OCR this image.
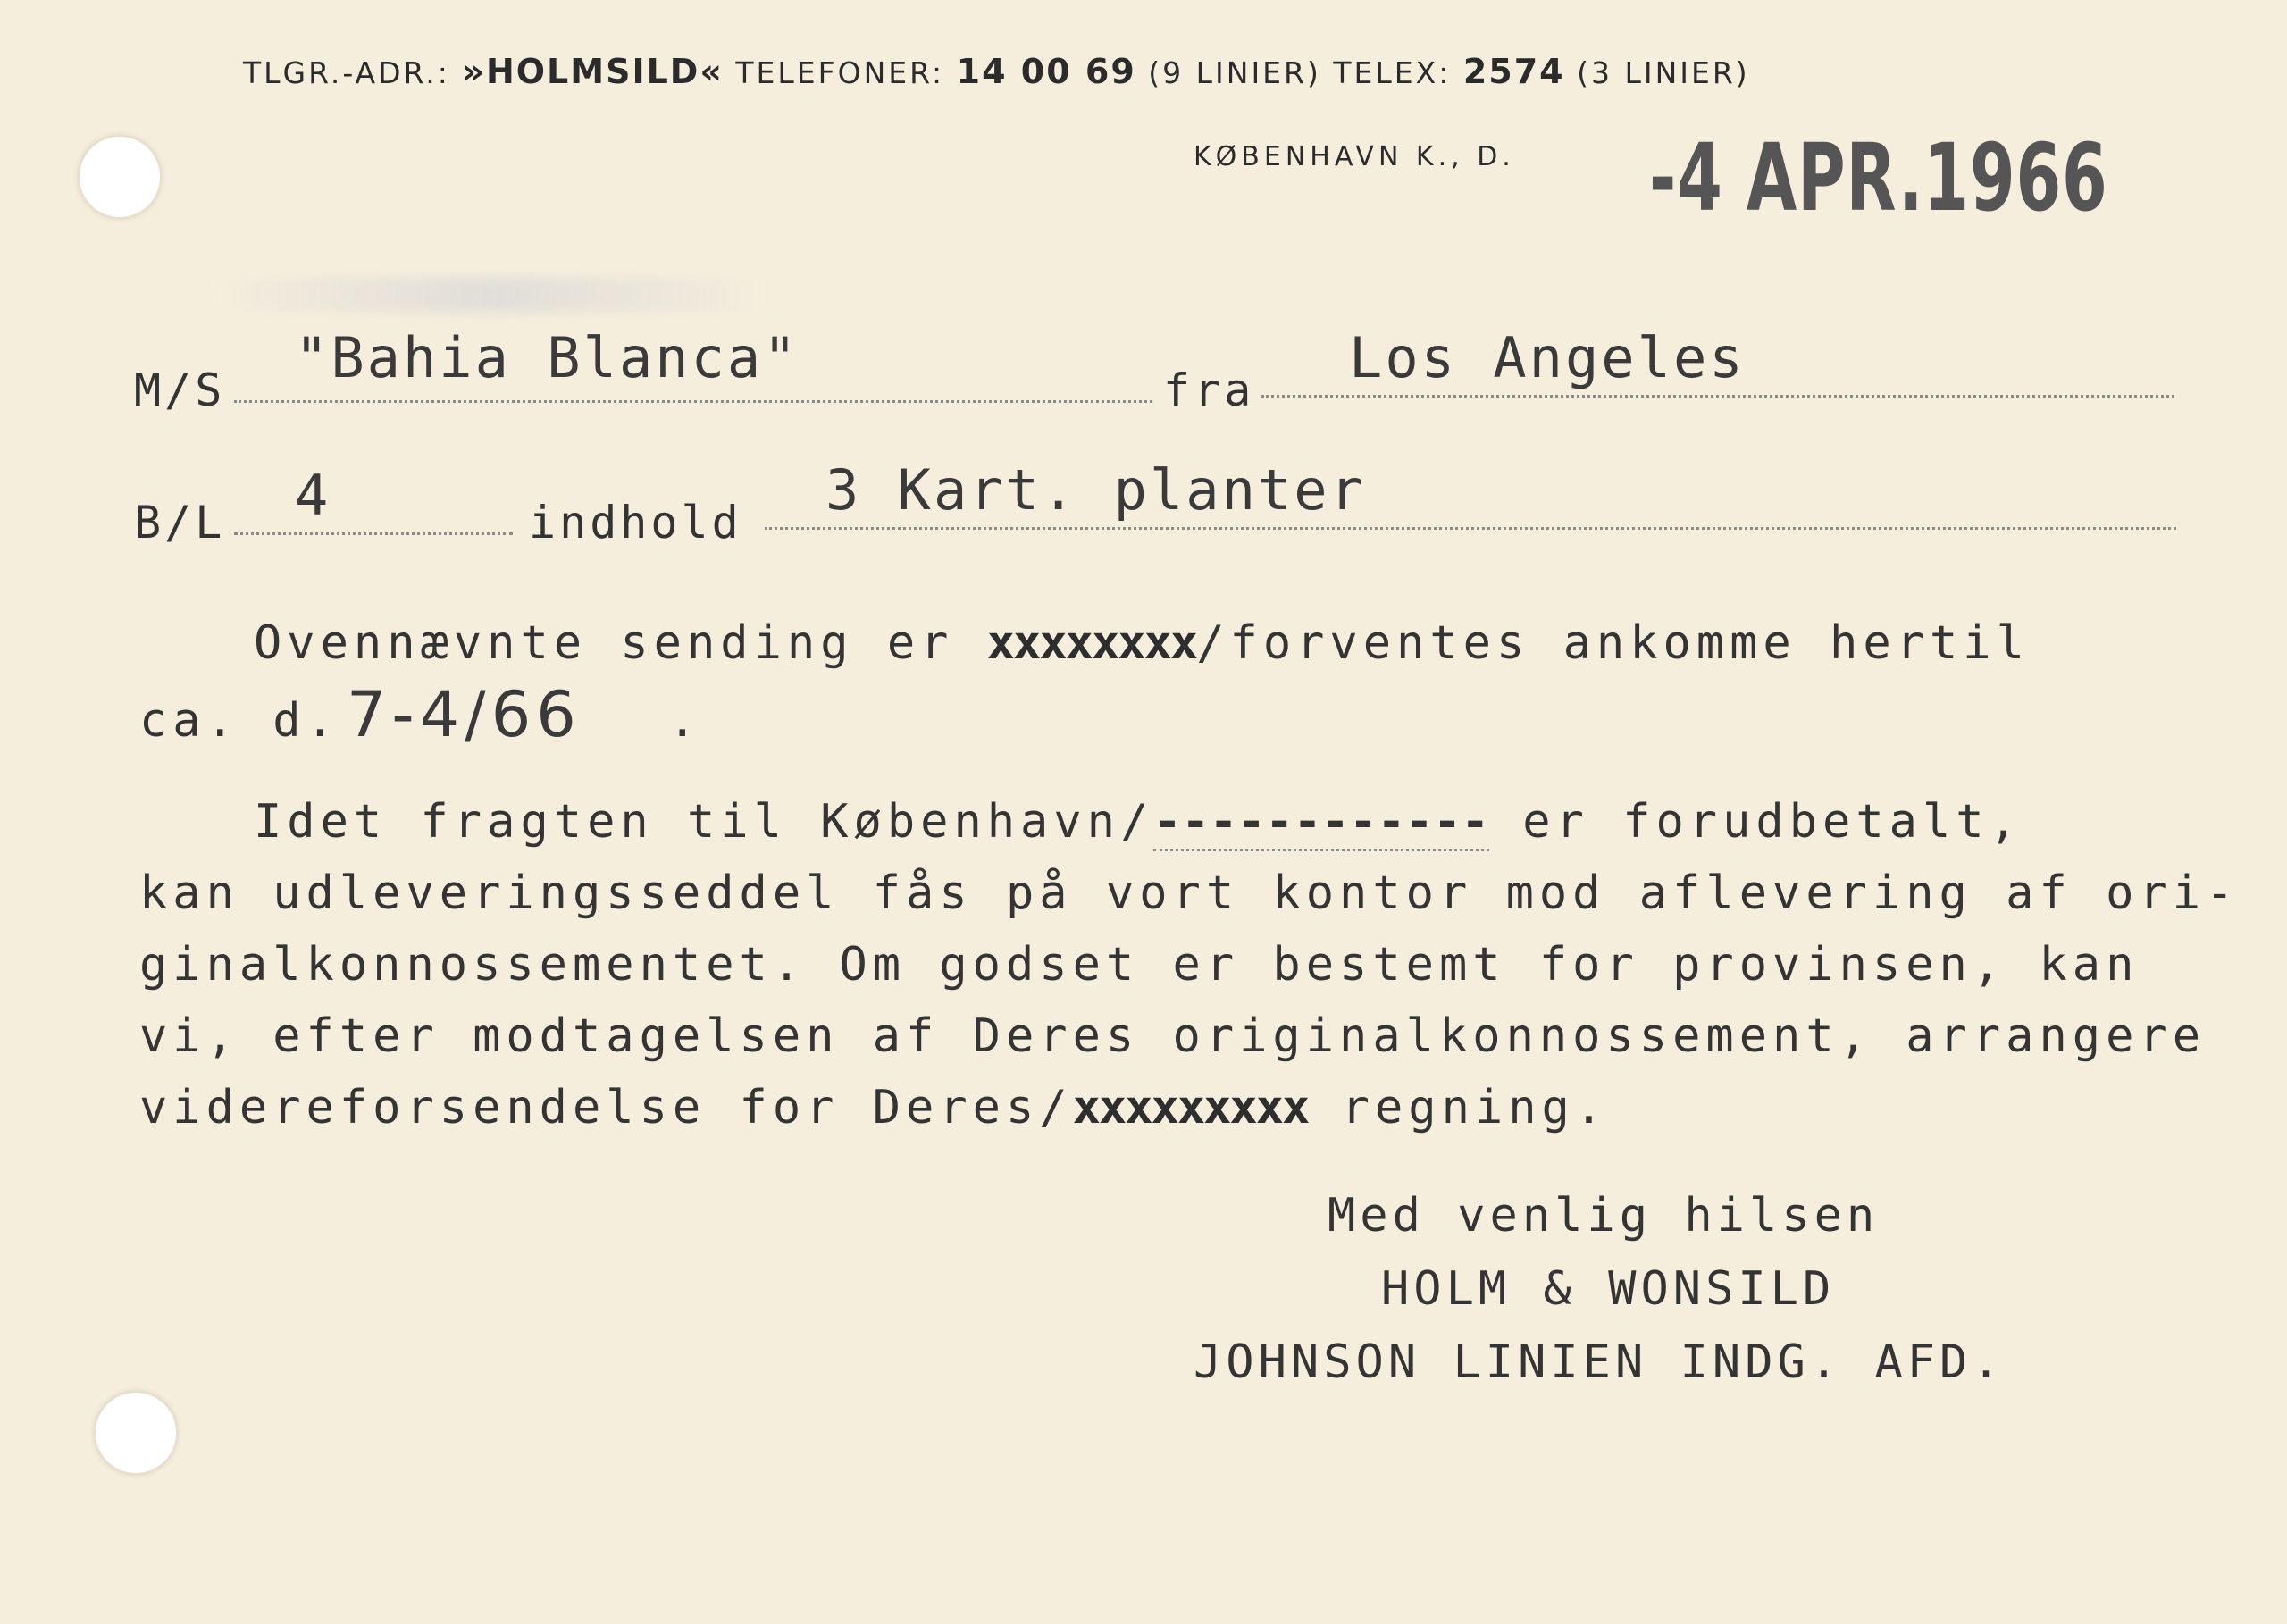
TLGR.-ADR.: »HOLMSILD« TELEFONER: 14 00 69 (9 LINIER) TELEX: 2574 (3 LINIER)
KØBENHAVN K., D. -4 APR.1966
M/S "Bahia Blanca"	fra Los Angeles
B/L 4	indhold 3 Kart. planter
Ovennævnte sending er xxxxxxxx/forventes ankomme hertil
ca. d. 7-4/66 .
Idet fragten til København/------------ er forudbetalt,
kan udleveringsseddel fås på vort kontor mod aflevering af ori-
ginalkonnossementet. Om godset er bestemt for provinsen, kan
vi, efter modtagelsen af Deres originalkonnossement, arrangere
videreforsendelse for Deres/xxxxxxxxx regning.
Med venlig hilsen
HOLM & WONSILD
JOHNSON LINIEN INDG. AFD.
